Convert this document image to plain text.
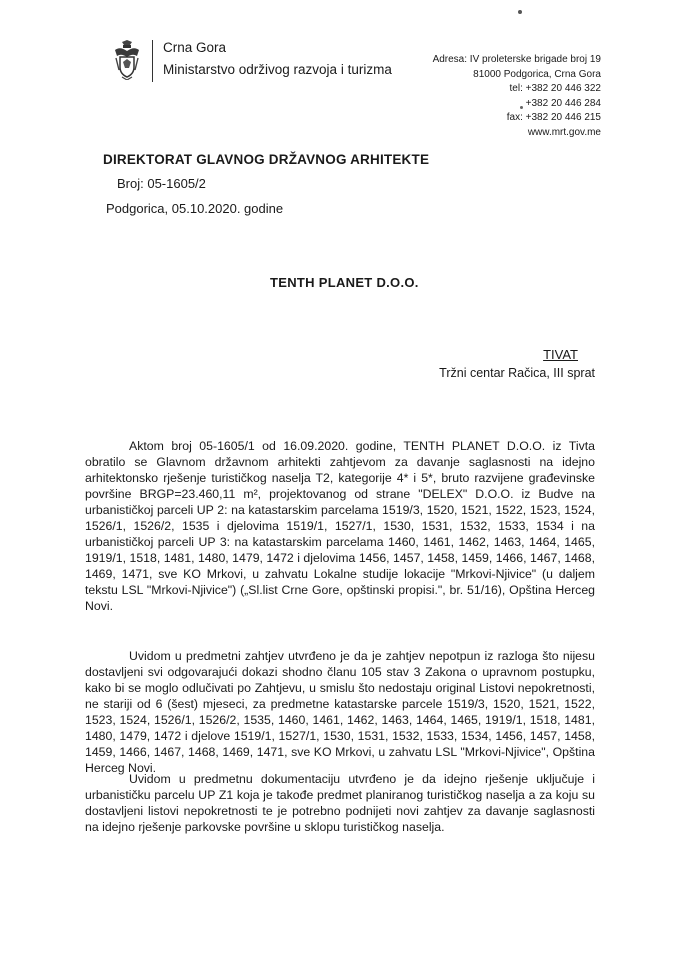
Crna Gora
Ministarstvo održivog razvoja i turizma
Adresa: IV proleterske brigade broj 19
81000 Podgorica, Crna Gora
tel: +382 20 446 322
+382 20 446 284
fax: +382 20 446 215
www.mrt.gov.me
DIREKTORAT GLAVNOG DRŽAVNOG ARHITEKTE
Broj: 05-1605/2
Podgorica, 05.10.2020. godine
TENTH PLANET D.O.O.
TIVAT
Tržni centar Račica, III sprat
Aktom broj 05-1605/1 od 16.09.2020. godine, TENTH PLANET D.O.O. iz Tivta obratilo se Glavnom državnom arhitekti zahtjevom za davanje saglasnosti na idejno arhitektonsko rješenje turističkog naselja T2, kategorije 4* i 5*, bruto razvijene građevinske površine BRGP=23.460,11 m², projektovanog od strane "DELEX" D.O.O. iz Budve na urbanističkoj parceli UP 2: na katastarskim parcelama 1519/3, 1520, 1521, 1522, 1523, 1524, 1526/1, 1526/2, 1535 i djelovima 1519/1, 1527/1, 1530, 1531, 1532, 1533, 1534 i na urbanističkoj parceli UP 3: na katastarskim parcelama 1460, 1461, 1462, 1463, 1464, 1465, 1919/1, 1518, 1481, 1480, 1479, 1472 i djelovima 1456, 1457, 1458, 1459, 1466, 1467, 1468, 1469, 1471, sve KO Mrkovi, u zahvatu Lokalne studije lokacije "Mrkovi-Njivice" (u daljem tekstu LSL "Mrkovi-Njivice") („Sl.list Crne Gore, opštinski propisi.", br. 51/16), Opština Herceg Novi.
Uvidom u predmetni zahtjev utvrđeno je da je zahtjev nepotpun iz razloga što nijesu dostavljeni svi odgovarajući dokazi shodno članu 105 stav 3 Zakona o upravnom postupku, kako bi se moglo odlučivati po Zahtjevu, u smislu što nedostaju original Listovi nepokretnosti, ne stariji od 6 (šest) mjeseci, za predmetne katastarske parcele 1519/3, 1520, 1521, 1522, 1523, 1524, 1526/1, 1526/2, 1535, 1460, 1461, 1462, 1463, 1464, 1465, 1919/1, 1518, 1481, 1480, 1479, 1472 i djelove 1519/1, 1527/1, 1530, 1531, 1532, 1533, 1534, 1456, 1457, 1458, 1459, 1466, 1467, 1468, 1469, 1471, sve KO Mrkovi, u zahvatu LSL "Mrkovi-Njivice", Opština Herceg Novi.
Uvidom u predmetnu dokumentaciju utvrđeno je da idejno rješenje uključuje i urbanističku parcelu UP Z1 koja je takođe predmet planiranog turističkog naselja a za koju su dostavljeni listovi nepokretnosti te je potrebno podnijeti novi zahtjev za davanje saglasnosti na idejno rješenje parkovske površine u sklopu turističkog naselja.
